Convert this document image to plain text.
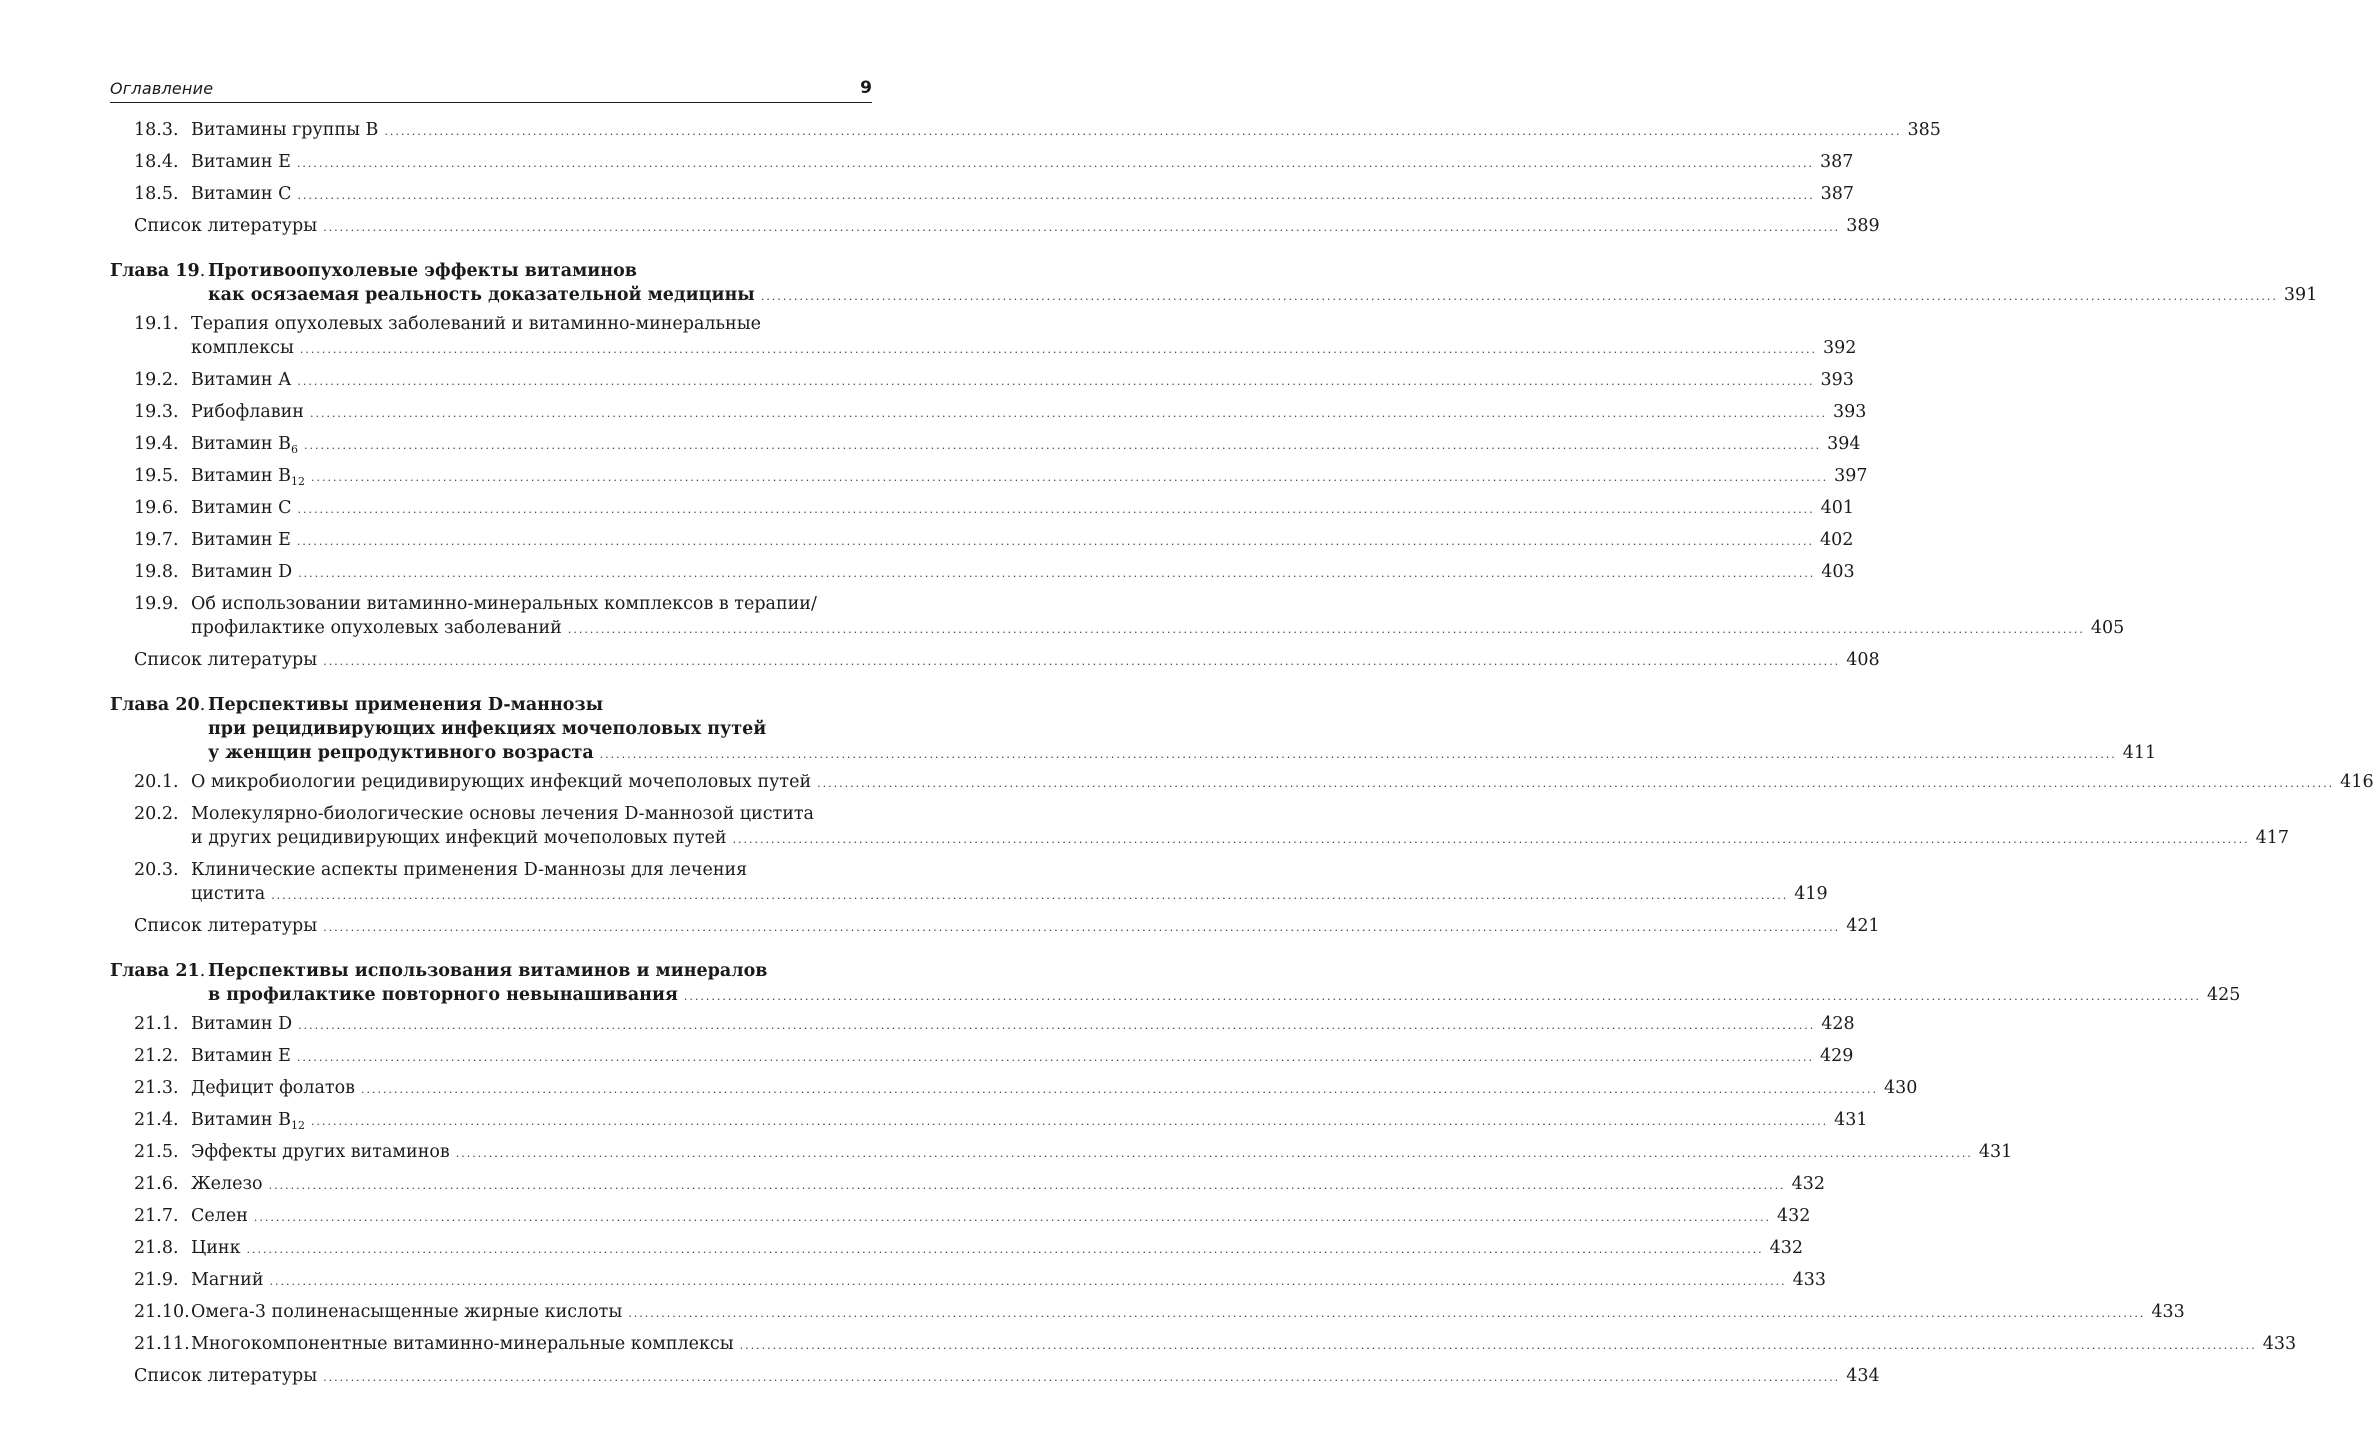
Оглавление	9
18.3. Витамины группы В .....	385
18.4. Витамин Е .....	387
18.5. Витамин С .....	387
Список литературы .....	389
Глава 19. Противоопухолевые эффекты витаминов
как осязаемая реальность доказательной медицины .....	391
19.1. Терапия опухолевых заболеваний и витаминно-минеральные
комплексы .....	392
19.2. Витамин А .....	393
19.3. Рибофлавин .....	393
19.4. Витамин $В_6$ .....	394
19.5. Витамин $В_{12}$ .....	397
19.6. Витамин С .....	401
19.7. Витамин Е .....	402
19.8. Витамин D .....	403
19.9. Об использовании витаминно-минеральных комплексов в терапии/
профилактике опухолевых заболеваний .....	405
Список литературы .....	408
Глава 20. Перспективы применения D-маннозы
при рецидивирующих инфекциях мочеполовых путей
у женщин репродуктивного возраста .....	411
20.1. О микробиологии рецидивирующих инфекций мочеполовых путей .....	416
20.2. Молекулярно-биологические основы лечения D-маннозой цистита
и других рецидивирующих инфекций мочеполовых путей .....	417
20.3. Клинические аспекты применения D-маннозы для лечения
цистита .....	419
Список литературы .....	421
Глава 21. Перспективы использования витаминов и минералов
в профилактике повторного невынашивания .....	425
21.1. Витамин D .....	428
21.2. Витамин Е .....	429
21.3. Дефицит фолатов .....	430
21.4. Витамин $В_{12}$ .....	431
21.5. Эффекты других витаминов .....	431
21.6. Железо .....	432
21.7. Селен .....	432
21.8. Цинк .....	432
21.9. Магний .....	433
21.10. Омега-3 полиненасыщенные жирные кислоты .....	433
21.11. Многокомпонентные витаминно-минеральные комплексы .....	433
Список литературы .....	434
